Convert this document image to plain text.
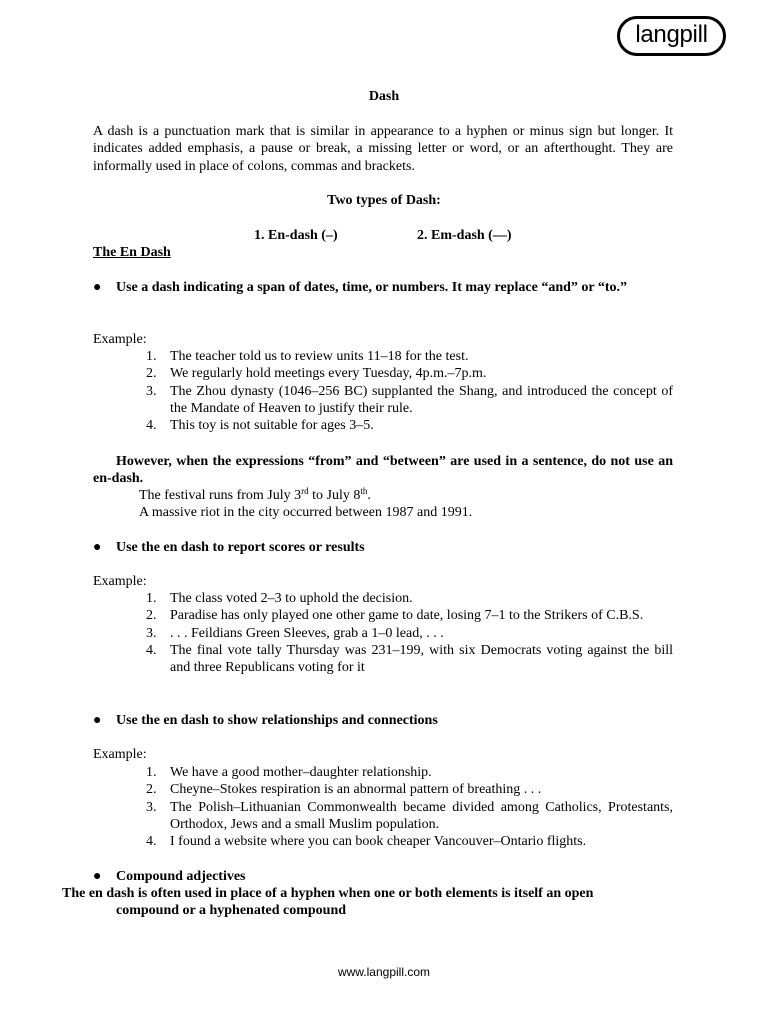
langpill
Dash
A dash is a punctuation mark that is similar in appearance to a hyphen or minus sign but longer. It indicates added emphasis, a pause or break, a missing letter or word, or an afterthought. They are informally used in place of colons, commas and brackets.
Two types of Dash:
1. En-dash (–)	2. Em-dash (—)
The En Dash
● Use a dash indicating a span of dates, time, or numbers. It may replace “and” or “to.”
Example:
1. The teacher told us to review units 11–18 for the test.
2. We regularly hold meetings every Tuesday, 4p.m.–7p.m.
3. The Zhou dynasty (1046–256 BC) supplanted the Shang, and introduced the concept of the Mandate of Heaven to justify their rule.
4. This toy is not suitable for ages 3–5.
However, when the expressions “from” and “between” are used in a sentence, do not use an en-dash.
The festival runs from July 3rd to July 8th.
A massive riot in the city occurred between 1987 and 1991.
● Use the en dash to report scores or results
Example:
1. The class voted 2–3 to uphold the decision.
2. Paradise has only played one other game to date, losing 7–1 to the Strikers of C.B.S.
3. . . . Feildians Green Sleeves, grab a 1–0 lead, . . .
4. The final vote tally Thursday was 231–199, with six Democrats voting against the bill and three Republicans voting for it
● Use the en dash to show relationships and connections
Example:
1. We have a good mother–daughter relationship.
2. Cheyne–Stokes respiration is an abnormal pattern of breathing . . .
3. The Polish–Lithuanian Commonwealth became divided among Catholics, Protestants, Orthodox, Jews and a small Muslim population.
4. I found a website where you can book cheaper Vancouver–Ontario flights.
● Compound adjectives
The en dash is often used in place of a hyphen when one or both elements is itself an open
compound or a hyphenated compound
www.langpill.com
